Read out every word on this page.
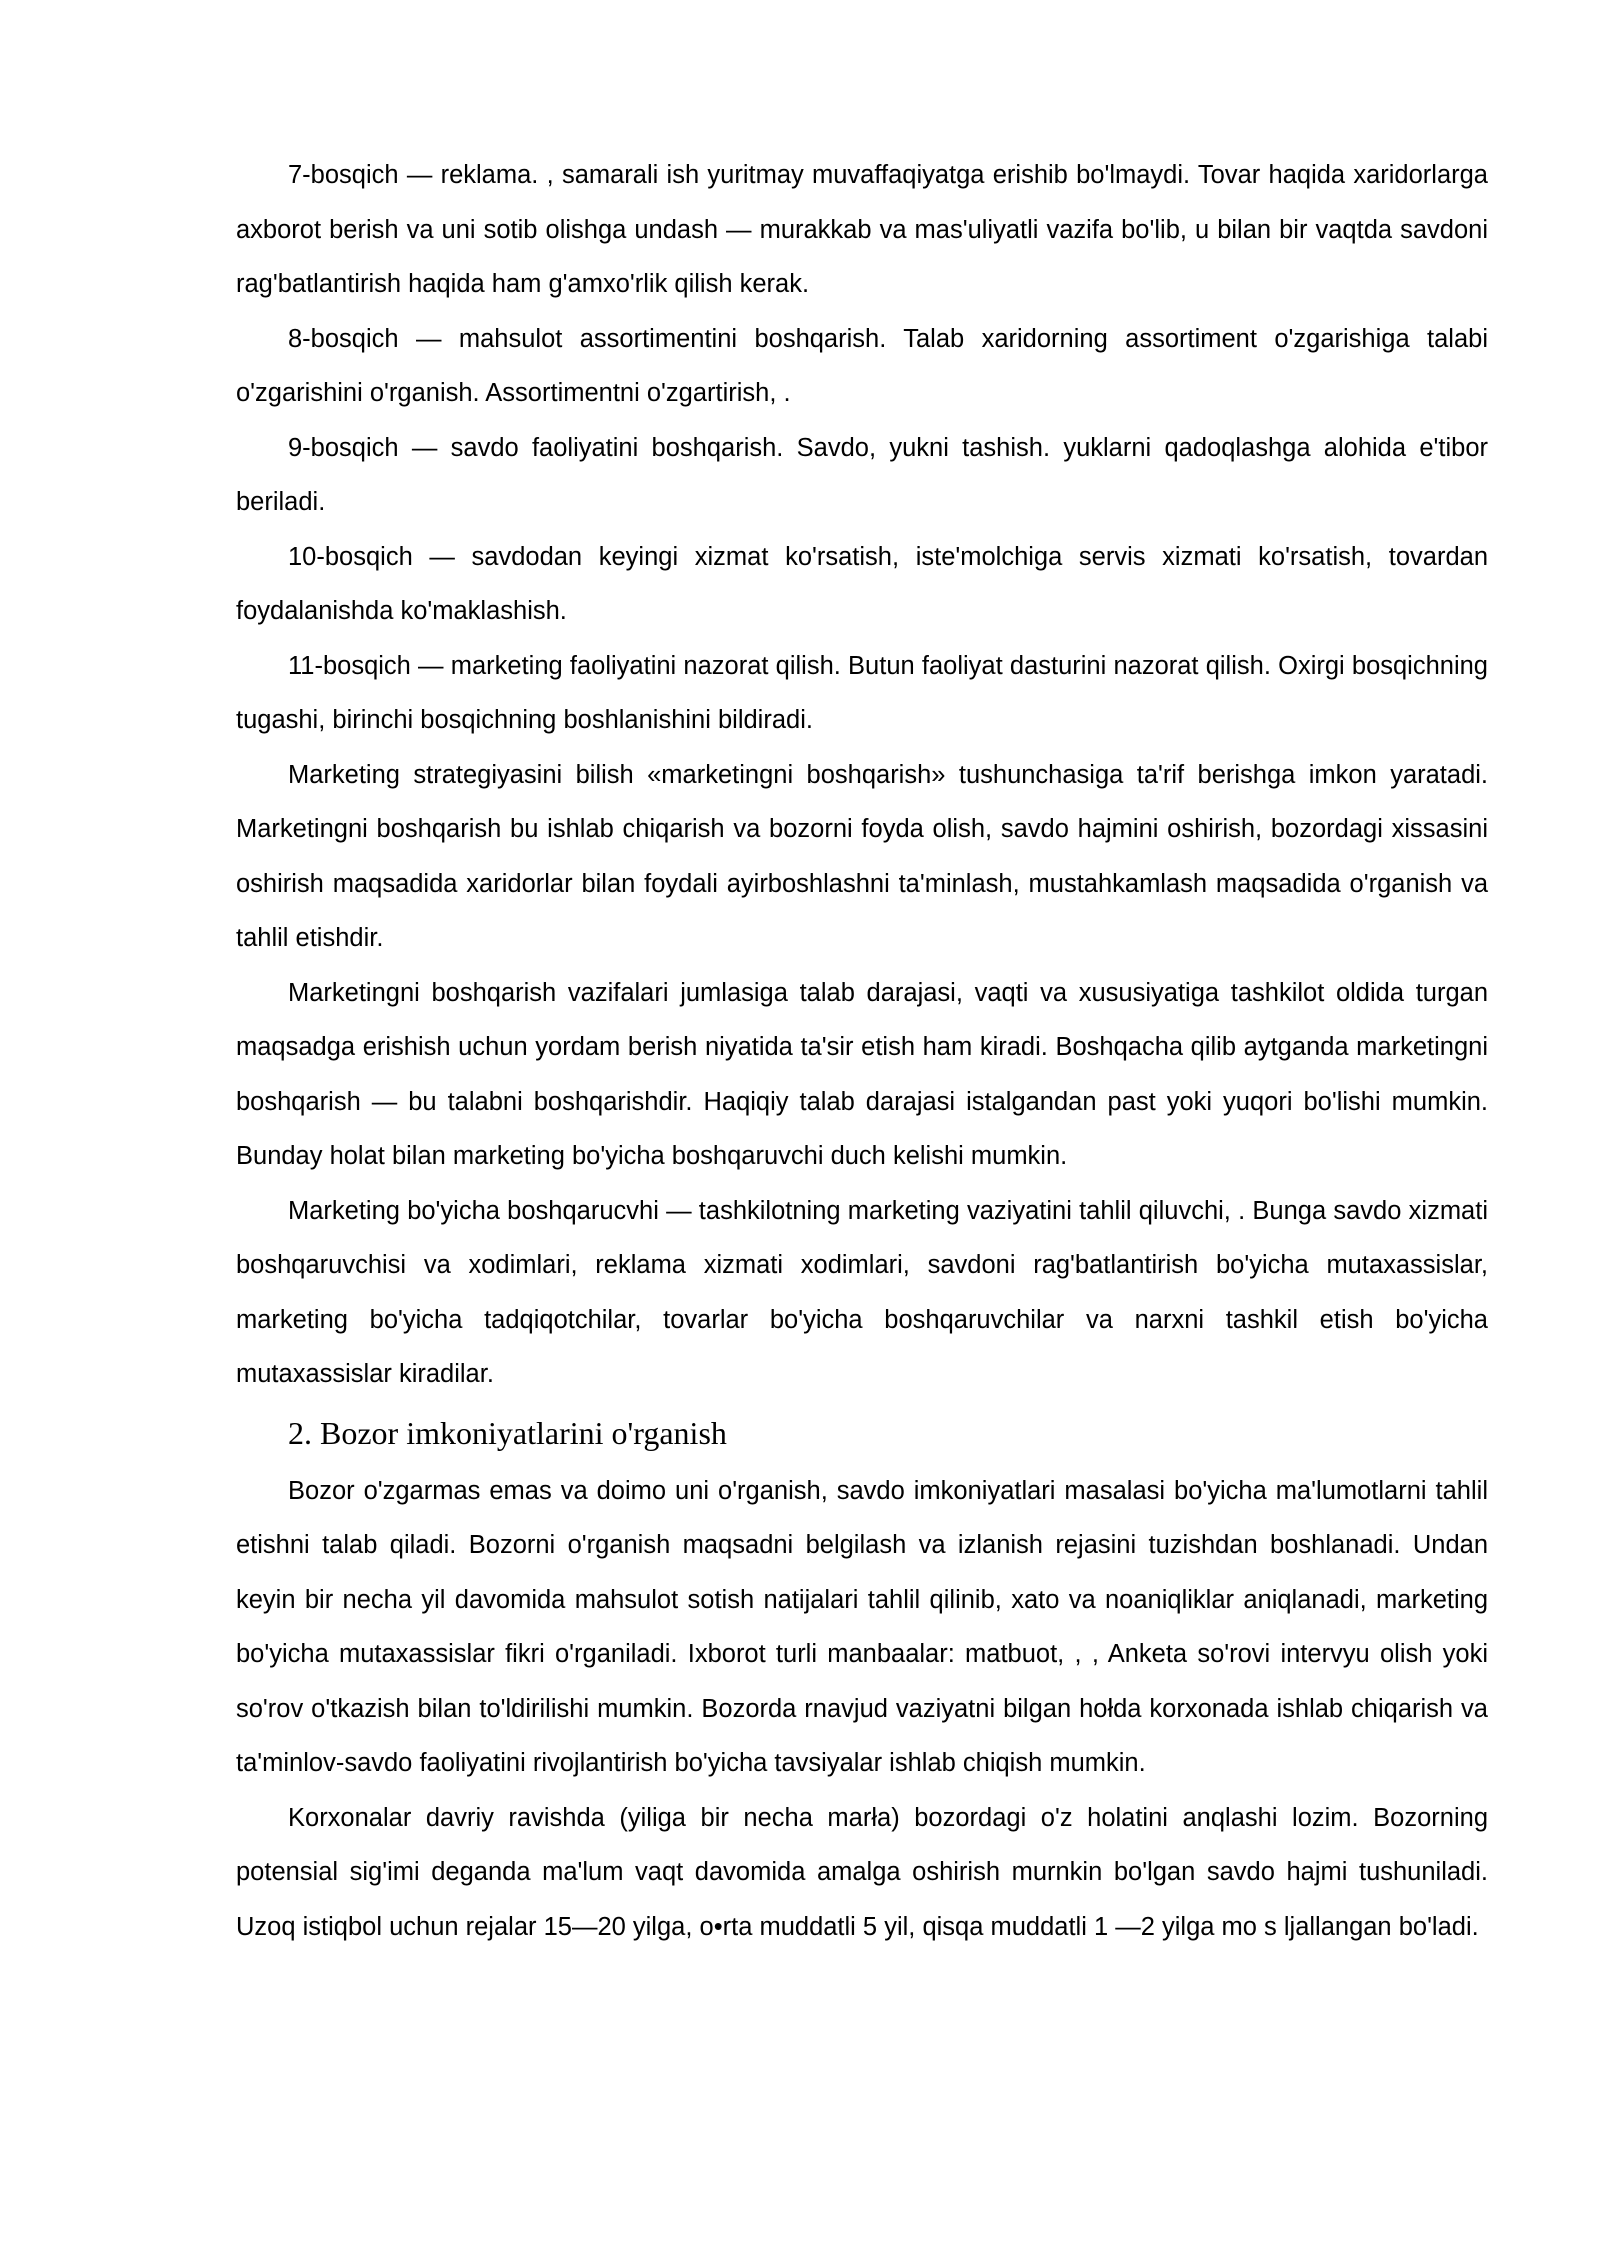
7-bosqich — reklama. , samarali ish yuritmay muvaffaqiyatga erishib bo'lmaydi. Tovar haqida xaridorlarga axborot berish va uni sotib olishga undash — murakkab va mas'uliyatli vazifa bo'lib, u bilan bir vaqtda savdoni rag'batlantirish haqida ham g'amxo'rlik qilish kerak.

8-bosqich — mahsulot assortimentini boshqarish. Talab xaridorning assortiment o'zgarishiga talabi o'zgarishini o'rganish. Assortimentni o'zgartirish, .

9-bosqich — savdo faoliyatini boshqarish. Savdo, yukni tashish. yuklarni qadoqlashga alohida e'tibor beriladi.

10-bosqich — savdodan keyingi xizmat ko'rsatish, iste'molchiga servis xizmati ko'rsatish, tovardan foydalanishda ko'maklashish.

11-bosqich — marketing faoliyatini nazorat qilish. Butun faoliyat dasturini nazorat qilish. Oxirgi bosqichning tugashi, birinchi bosqichning boshlanishini bildiradi.

Marketing strategiyasini bilish «marketingni boshqarish» tushunchasiga ta'rif berishga imkon yaratadi. Marketingni boshqarish bu ishlab chiqarish va bozorni foyda olish, savdo hajmini oshirish, bozordagi xissasini oshirish maqsadida xaridorlar bilan foydali ayirboshlashni ta'minlash, mustahkamlash maqsadida o'rganish va tahlil etishdir.

Marketingni boshqarish vazifalari jumlasiga talab darajasi, vaqti va xususiyatiga tashkilot oldida turgan maqsadga erishish uchun yordam berish niyatida ta'sir etish ham kiradi. Boshqacha qilib aytganda marketingni boshqarish — bu talabni boshqarishdir. Haqiqiy talab darajasi istalgandan past yoki yuqori bo'lishi mumkin. Bunday holat bilan marketing bo'yicha boshqaruvchi duch kelishi mumkin.

Marketing bo'yicha boshqarucvhi — tashkilotning marketing vaziyatini tahlil qiluvchi, . Bunga savdo xizmati boshqaruvchisi va xodimlari, reklama xizmati xodimlari, savdoni rag'batlantirish bo'yicha mutaxassislar, marketing bo'yicha tadqiqotchilar, tovarlar bo'yicha boshqaruvchilar va narxni tashkil etish bo'yicha mutaxassislar kiradilar.

2. Bozor imkoniyatlarini o'rganish

Bozor o'zgarmas emas va doimo uni o'rganish, savdo imkoniyatlari masalasi bo'yicha ma'lumotlarni tahlil etishni talab qiladi. Bozorni o'rganish maqsadni belgilash va izlanish rejasini tuzishdan boshlanadi. Undan keyin bir necha yil davomida mahsulot sotish natijalari tahlil qilinib, xato va noaniqliklar aniqlanadi, marketing bo'yicha mutaxassislar fikri o'rganiladi. Ixborot turli manbaalar: matbuot, , , Anketa so'rovi intervyu olish yoki so'rov o'tkazish bilan to'ldirilishi mumkin. Bozorda rnavjud vaziyatni bilgan hołda korxonada ishlab chiqarish va ta'minlov-savdo faoliyatini rivojlantirish bo'yicha tavsiyalar ishlab chiqish mumkin.

Korxonalar davriy ravishda (yiliga bir necha marła) bozordagi o'z holatini anqlashi lozim. Bozorning potensial sig'imi deganda ma'lum vaqt davomida amalga oshirish murnkin bo'lgan savdo hajmi tushuniladi. Uzoq istiqbol uchun rejalar 15—20 yilga, o•rta muddatli 5 yil, qisqa muddatli 1 —2 yilga mo s ljallangan bo'ladi.
